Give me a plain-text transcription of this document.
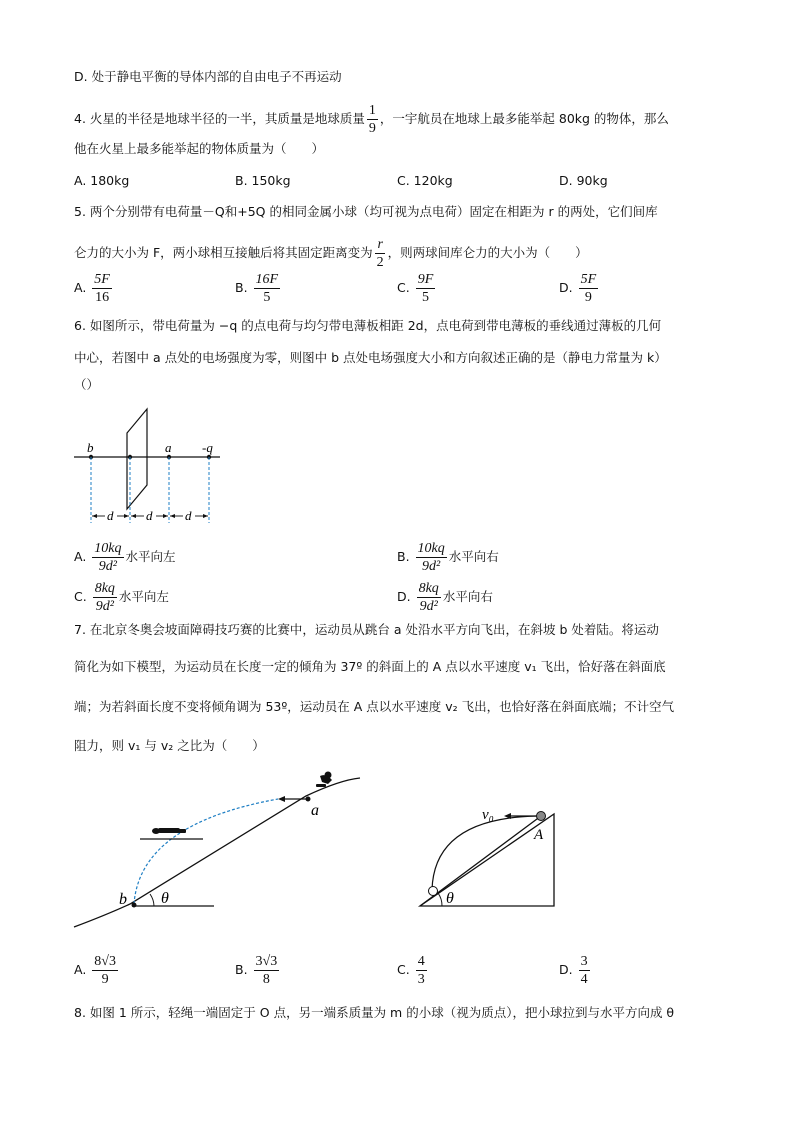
D. 处于静电平衡的导体内部的自由电子不再运动
4. 火星的半径是地球半径的一半，其质量是地球质量 $\frac{1}{9}$ ，一宇航员在地球上最多能举起 80kg 的物体，那么
他在火星上最多能举起的物体质量为（　　）
A. 180kg	B. 150kg	C. 120kg	D. 90kg
5. 两个分别带有电荷量－Q和+5Q 的相同金属小球（均可视为点电荷）固定在相距为 r 的两处，它们间库
仑力的大小为 F，两小球相互接触后将其固定距离变为 $\frac{r}{2}$ ，则两球间库仑力的大小为（　　）
A. $\frac{5F}{16}$	B. $\frac{16F}{5}$	C. $\frac{9F}{5}$	D. $\frac{5F}{9}$
6. 如图所示，带电荷量为 −q 的点电荷与均匀带电薄板相距 2d，点电荷到带电薄板的垂线通过薄板的几何
中心，若图中 a 点处的电场强度为零，则图中 b 点处电场强度大小和方向叙述正确的是（静电力常量为 k）
（）
b	a -q
d	d	d
A. $\frac{10kq}{\text{9d²}}$ 水平向左	B. $\frac{10kq}{\text{9d²}}$ 水平向右
C. $\frac{8kq}{\text{9d²}}$ 水平向左	D. $\frac{8kq}{\text{9d²}}$ 水平向右
7. 在北京冬奥会坡面障碍技巧赛的比赛中，运动员从跳台 a 处沿水平方向飞出，在斜坡 b 处着陆。将运动
简化为如下模型，为运动员在长度一定的倾角为 37º 的斜面上的 A 点以水平速度 v₁ 飞出，恰好落在斜面底
端；为若斜面长度不变将倾角调为 53º，运动员在 A 点以水平速度 v₂ 飞出，也恰好落在斜面底端；不计空气
阻力，则 v₁ 与 v₂ 之比为（　　）
a
b θ
v₀
A
θ
A. $\frac{8√3}{9}$	B. $\frac{3√3}{8}$	C. $\frac{4}{3}$	D. $\frac{3}{4}$
8. 如图 1 所示，轻绳一端固定于 O 点，另一端系质量为 m 的小球（视为质点），把小球拉到与水平方向成 θ
